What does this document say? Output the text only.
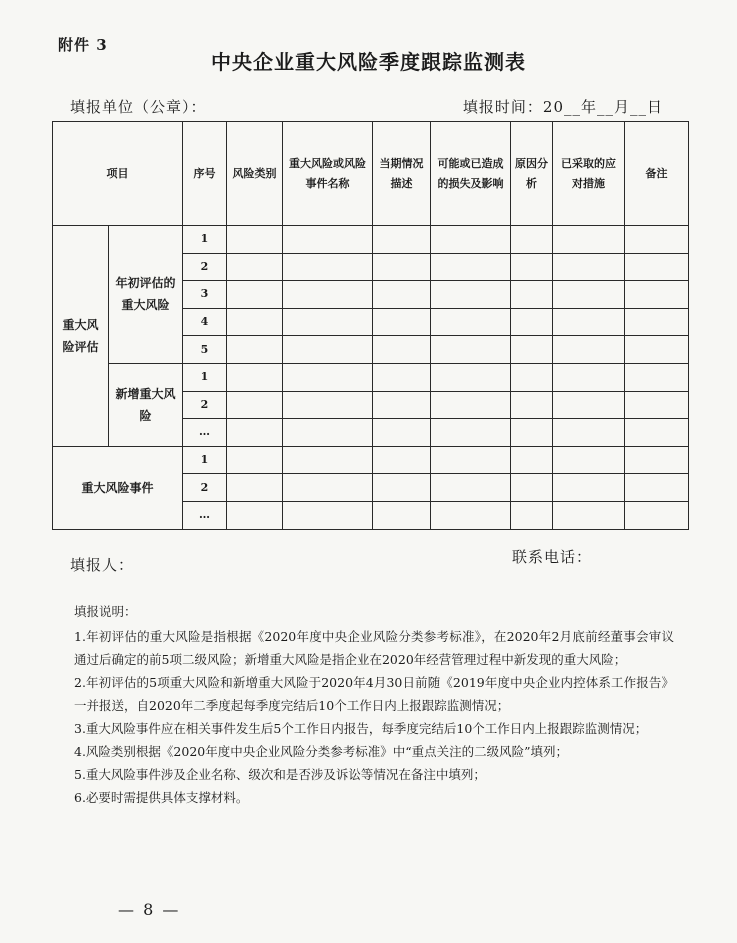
附件 3
中央企业重大风险季度跟踪监测表
填报单位（公章）：	填报时间：20__年__月__日
项目		序号	风险类别	重大风险或风险事件名称	当期情况描述	可能或已造成的损失及影响	原因分析	已采取的应对措施	备注
重大风险评估	年初评估的重大风险	1							
		2							
		3							
		4							
		5							
	新增重大风险	1							
		2							
		…							
重大风险事件		1							
		2							
		…							
填报人：	联系电话：
填报说明：
1.年初评估的重大风险是指根据《2020年度中央企业风险分类参考标准》，在2020年2月底前经董事会审议通过后确定的前5项二级风险；新增重大风险是指企业在2020年经营管理过程中新发现的重大风险；
2.年初评估的5项重大风险和新增重大风险于2020年4月30日前随《2019年度中央企业内控体系工作报告》一并报送，自2020年二季度起每季度完结后10个工作日内上报跟踪监测情况；
3.重大风险事件应在相关事件发生后5个工作日内报告，每季度完结后10个工作日内上报跟踪监测情况；
4.风险类别根据《2020年度中央企业风险分类参考标准》中“重点关注的二级风险”填列；
5.重大风险事件涉及企业名称、级次和是否涉及诉讼等情况在备注中填列；
6.必要时需提供具体支撑材料。
— 8 —
